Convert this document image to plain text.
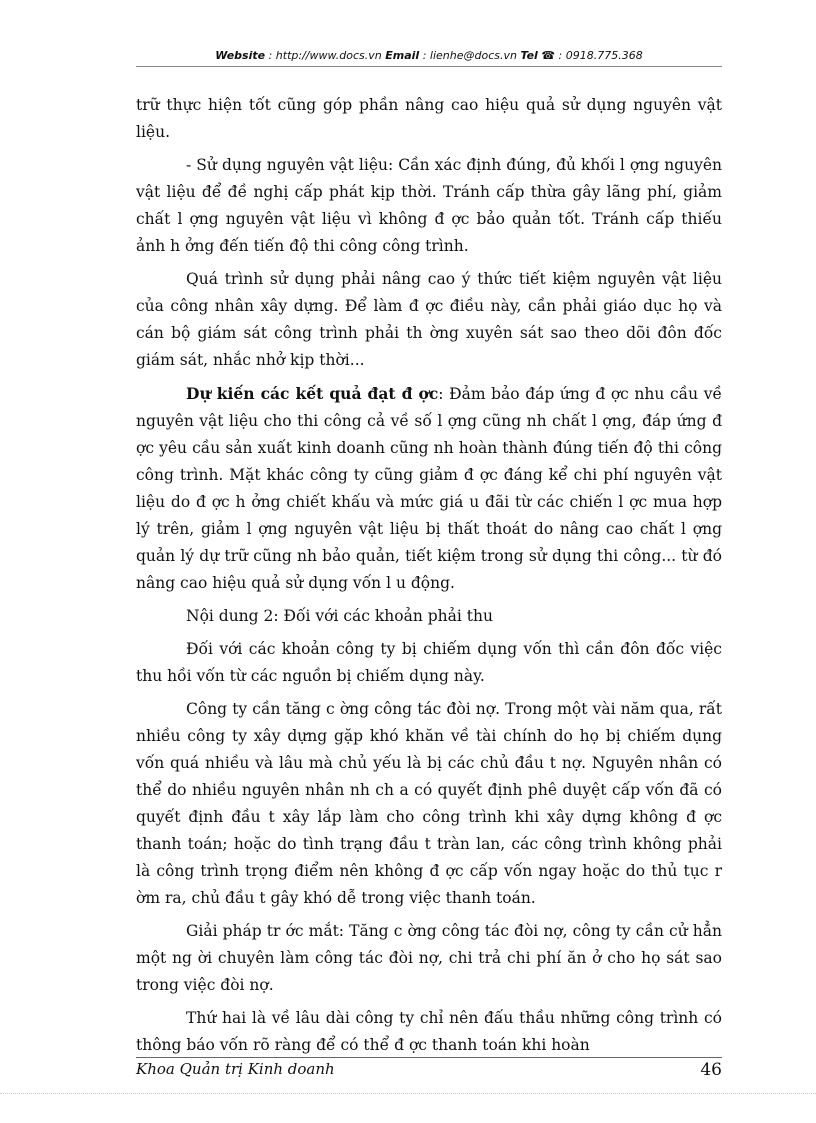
Website : http://www.docs.vn Email : lienhe@docs.vn Tel ☎ : 0918.775.368

trữ thực hiện tốt cũng góp phần nâng cao hiệu quả sử dụng nguyên vật liệu.

- Sử dụng nguyên vật liệu: Cần xác định đúng, đủ khối l ợng nguyên vật liệu để đề nghị cấp phát kịp thời. Tránh cấp thừa gây lãng phí, giảm chất l ợng nguyên vật liệu vì không đ ợc bảo quản tốt. Tránh cấp thiếu ảnh h ởng đến tiến độ thi công công trình.

Quá trình sử dụng phải nâng cao ý thức tiết kiệm nguyên vật liệu của công nhân xây dựng. Để làm đ ợc điều này, cần phải giáo dục họ và cán bộ giám sát công trình phải th ờng xuyên sát sao theo dõi đôn đốc giám sát, nhắc nhở kịp thời...

Dự kiến các kết quả đạt đ ợc: Đảm bảo đáp ứng đ ợc nhu cầu về nguyên vật liệu cho thi công cả về số l ợng cũng nh chất l ợng, đáp ứng đ ợc yêu cầu sản xuất kinh doanh cũng nh hoàn thành đúng tiến độ thi công công trình. Mặt khác công ty cũng giảm đ ợc đáng kể chi phí nguyên vật liệu do đ ợc h ởng chiết khấu và mức giá u đãi từ các chiến l ợc mua hợp lý trên, giảm l ợng nguyên vật liệu bị thất thoát do nâng cao chất l ợng quản lý dự trữ cũng nh bảo quản, tiết kiệm trong sử dụng thi công... từ đó nâng cao hiệu quả sử dụng vốn l u động.

Nội dung 2: Đối với các khoản phải thu

Đối với các khoản công ty bị chiếm dụng vốn thì cần đôn đốc việc thu hồi vốn từ các nguồn bị chiếm dụng này.

Công ty cần tăng c ờng công tác đòi nợ. Trong một vài năm qua, rất nhiều công ty xây dựng gặp khó khăn về tài chính do họ bị chiếm dụng vốn quá nhiều và lâu mà chủ yếu là bị các chủ đầu t nợ. Nguyên nhân có thể do nhiều nguyên nhân nh ch a có quyết định phê duyệt cấp vốn đã có quyết định đầu t xây lắp làm cho công trình khi xây dựng không đ ợc thanh toán; hoặc do tình trạng đầu t tràn lan, các công trình không phải là công trình trọng điểm nên không đ ợc cấp vốn ngay hoặc do thủ tục r ờm ra, chủ đầu t gây khó dễ trong việc thanh toán.

Giải pháp tr ớc mắt: Tăng c ờng công tác đòi nợ, công ty cần cử hẳn một ng ời chuyên làm công tác đòi nợ, chi trả chi phí ăn ở cho họ sát sao trong việc đòi nợ.

Thứ hai là về lâu dài công ty chỉ nên đấu thầu những công trình có thông báo vốn rõ ràng để có thể đ ợc thanh toán khi hoàn

Khoa Quản trị Kinh doanh	46
